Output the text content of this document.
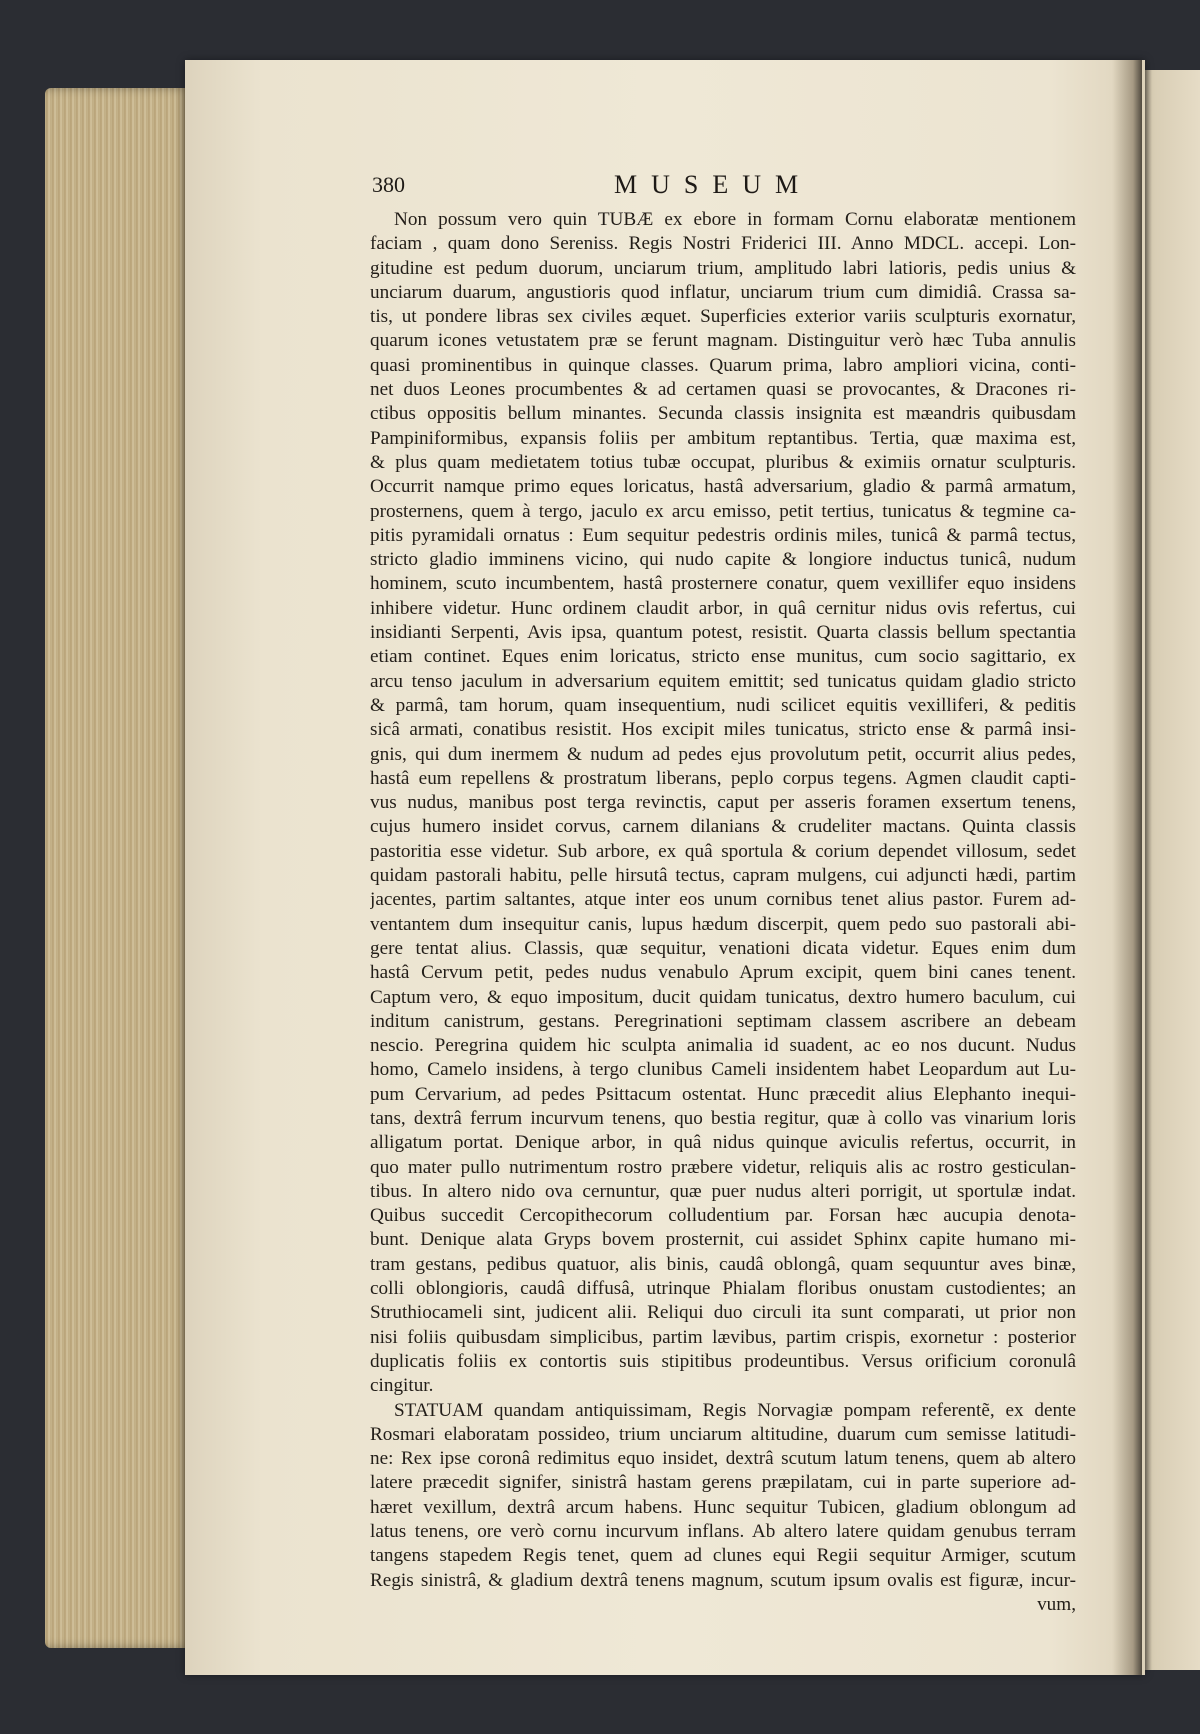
380	MUSEUM
Non possum vero quin TUBÆ ex ebore in formam Cornu elaboratæ mentionem
faciam , quam dono Sereniss. Regis Nostri Friderici III. Anno MDCL. accepi. Lon-
gitudine est pedum duorum, unciarum trium, amplitudo labri latioris, pedis unius &
unciarum duarum, angustioris quod inflatur, unciarum trium cum dimidiâ. Crassa sa-
tis, ut pondere libras sex civiles æquet. Superficies exterior variis sculpturis exornatur,
quarum icones vetustatem præ se ferunt magnam. Distinguitur verò hæc Tuba annulis
quasi prominentibus in quinque classes. Quarum prima, labro ampliori vicina, conti-
net duos Leones procumbentes & ad certamen quasi se provocantes, & Dracones ri-
ctibus oppositis bellum minantes. Secunda classis insignita est mæandris quibusdam
Pampiniformibus, expansis foliis per ambitum reptantibus. Tertia, quæ maxima est,
& plus quam medietatem totius tubæ occupat, pluribus & eximiis ornatur sculpturis.
Occurrit namque primo eques loricatus, hastâ adversarium, gladio & parmâ armatum,
prosternens, quem à tergo, jaculo ex arcu emisso, petit tertius, tunicatus & tegmine ca-
pitis pyramidali ornatus : Eum sequitur pedestris ordinis miles, tunicâ & parmâ tectus,
stricto gladio imminens vicino, qui nudo capite & longiore inductus tunicâ, nudum
hominem, scuto incumbentem, hastâ prosternere conatur, quem vexillifer equo insidens
inhibere videtur. Hunc ordinem claudit arbor, in quâ cernitur nidus ovis refertus, cui
insidianti Serpenti, Avis ipsa, quantum potest, resistit. Quarta classis bellum spectantia
etiam continet. Eques enim loricatus, stricto ense munitus, cum socio sagittario, ex
arcu tenso jaculum in adversarium equitem emittit; sed tunicatus quidam gladio stricto
& parmâ, tam horum, quam insequentium, nudi scilicet equitis vexilliferi, & peditis
sicâ armati, conatibus resistit. Hos excipit miles tunicatus, stricto ense & parmâ insi-
gnis, qui dum inermem & nudum ad pedes ejus provolutum petit, occurrit alius pedes,
hastâ eum repellens & prostratum liberans, peplo corpus tegens. Agmen claudit capti-
vus nudus, manibus post terga revinctis, caput per asseris foramen exsertum tenens,
cujus humero insidet corvus, carnem dilanians & crudeliter mactans. Quinta classis
pastoritia esse videtur. Sub arbore, ex quâ sportula & corium dependet villosum, sedet
quidam pastorali habitu, pelle hirsutâ tectus, capram mulgens, cui adjuncti hædi, partim
jacentes, partim saltantes, atque inter eos unum cornibus tenet alius pastor. Furem ad-
ventantem dum insequitur canis, lupus hædum discerpit, quem pedo suo pastorali abi-
gere tentat alius. Classis, quæ sequitur, venationi dicata videtur. Eques enim dum
hastâ Cervum petit, pedes nudus venabulo Aprum excipit, quem bini canes tenent.
Captum vero, & equo impositum, ducit quidam tunicatus, dextro humero baculum, cui
inditum canistrum, gestans. Peregrinationi septimam classem ascribere an debeam
nescio. Peregrina quidem hic sculpta animalia id suadent, ac eo nos ducunt. Nudus
homo, Camelo insidens, à tergo clunibus Cameli insidentem habet Leopardum aut Lu-
pum Cervarium, ad pedes Psittacum ostentat. Hunc præcedit alius Elephanto inequi-
tans, dextrâ ferrum incurvum tenens, quo bestia regitur, quæ à collo vas vinarium loris
alligatum portat. Denique arbor, in quâ nidus quinque aviculis refertus, occurrit, in
quo mater pullo nutrimentum rostro præbere videtur, reliquis alis ac rostro gesticulan-
tibus. In altero nido ova cernuntur, quæ puer nudus alteri porrigit, ut sportulæ indat.
Quibus succedit Cercopithecorum colludentium par. Forsan hæc aucupia denota-
bunt. Denique alata Gryps bovem prosternit, cui assidet Sphinx capite humano mi-
tram gestans, pedibus quatuor, alis binis, caudâ oblongâ, quam sequuntur aves binæ,
colli oblongioris, caudâ diffusâ, utrinque Phialam floribus onustam custodientes; an
Struthiocameli sint, judicent alii. Reliqui duo circuli ita sunt comparati, ut prior non
nisi foliis quibusdam simplicibus, partim lævibus, partim crispis, exornetur : posterior
duplicatis foliis ex contortis suis stipitibus prodeuntibus. Versus orificium coronulâ
cingitur.
STATUAM quandam antiquissimam, Regis Norvagiæ pompam referentẽ, ex dente
Rosmari elaboratam possideo, trium unciarum altitudine, duarum cum semisse latitudi-
ne: Rex ipse coronâ redimitus equo insidet, dextrâ scutum latum tenens, quem ab altero
latere præcedit signifer, sinistrâ hastam gerens præpilatam, cui in parte superiore ad-
hæret vexillum, dextrâ arcum habens. Hunc sequitur Tubicen, gladium oblongum ad
latus tenens, ore verò cornu incurvum inflans. Ab altero latere quidam genubus terram
tangens stapedem Regis tenet, quem ad clunes equi Regii sequitur Armiger, scutum
Regis sinistrâ, & gladium dextrâ tenens magnum, scutum ipsum ovalis est figuræ, incur-
vum,
